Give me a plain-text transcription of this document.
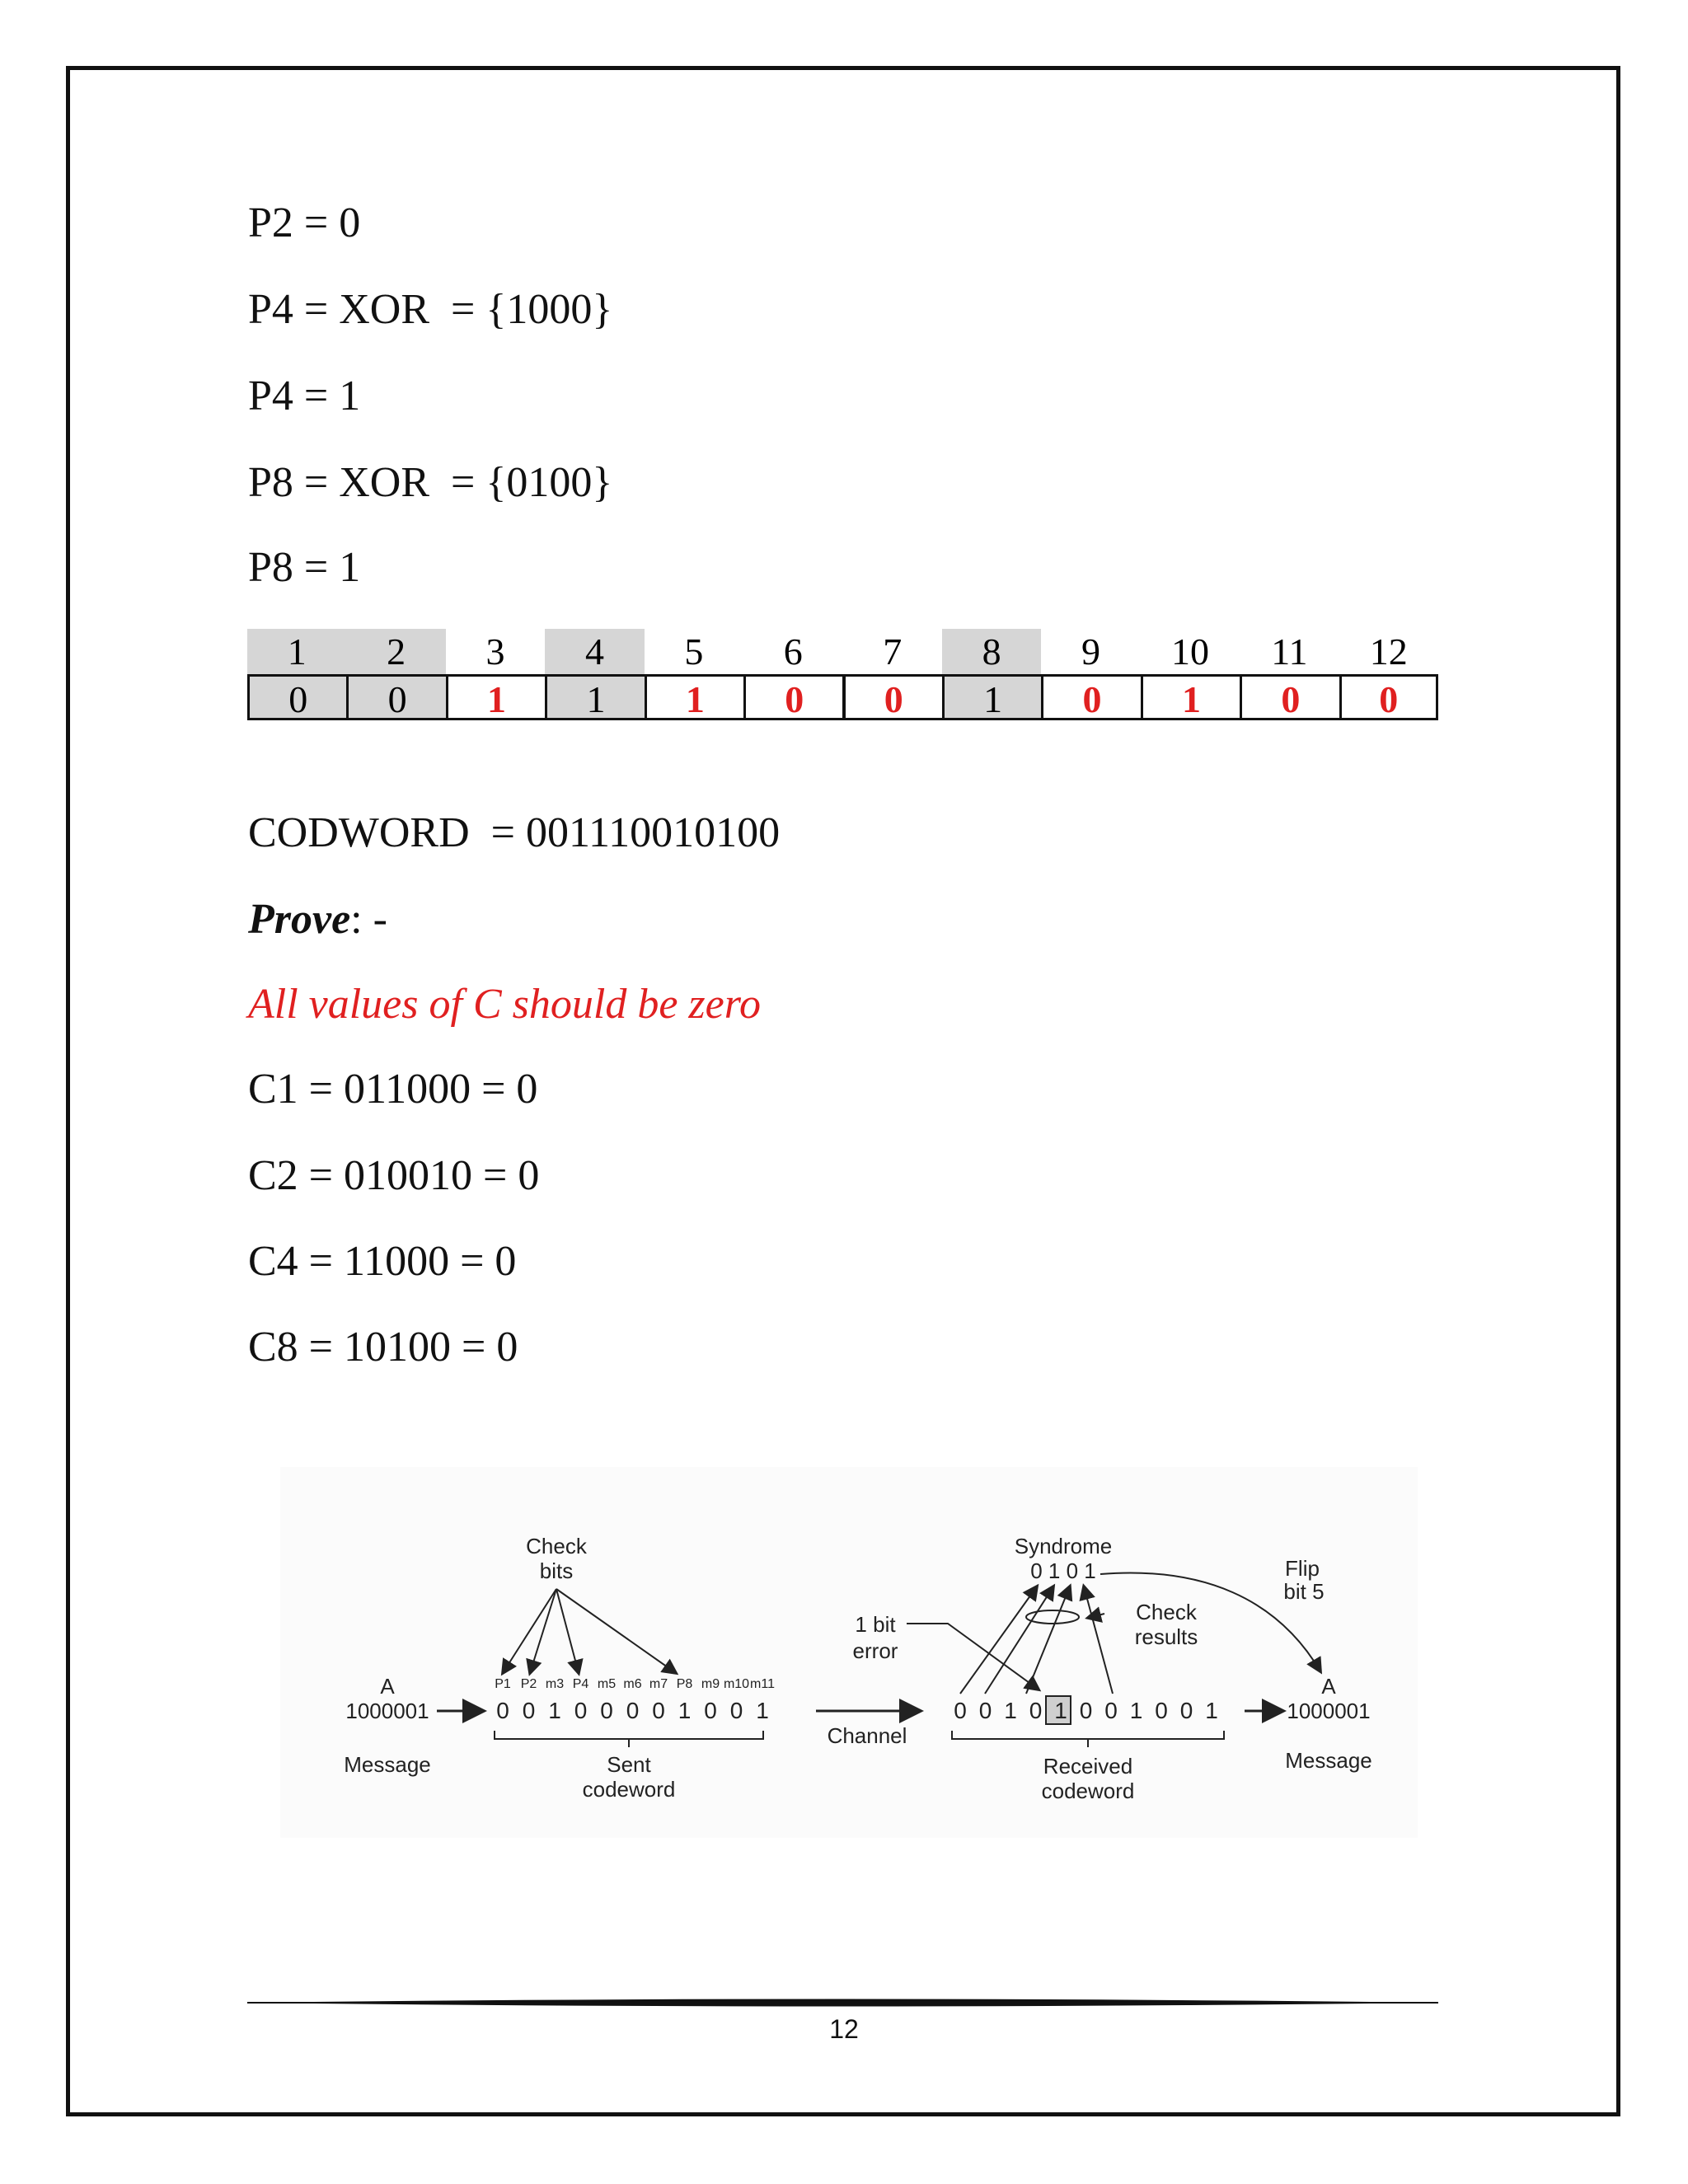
P2 = 0
P4 = XOR  = {1000}
P4 = 1
P8 = XOR  = {0100}
P8 = 1
1	2	3	4	5	6	7	8	9	10	11	12
0	0	1	1	1	0	0	1	0	1	0	0
CODWORD  = 001110010100
Prove: -
All values of C should be zero
C1 = 011000 = 0
C2 = 010010 = 0
C4 = 11000 = 0
C8 = 10100 = 0
Check
bits
A
1000001
Message
P1 P2 m3 P4 m5 m6 m7 P8 m9 m10 m11
0 0 1 0 0 0 0 1 0 0 1
Sent
codeword
Channel
1 bit
error
Syndrome
0 1 0 1
Check
results
Flip
bit 5
0 0 1 0 1 0 0 1 0 0 1
Received
codeword
A
1000001
Message
12
